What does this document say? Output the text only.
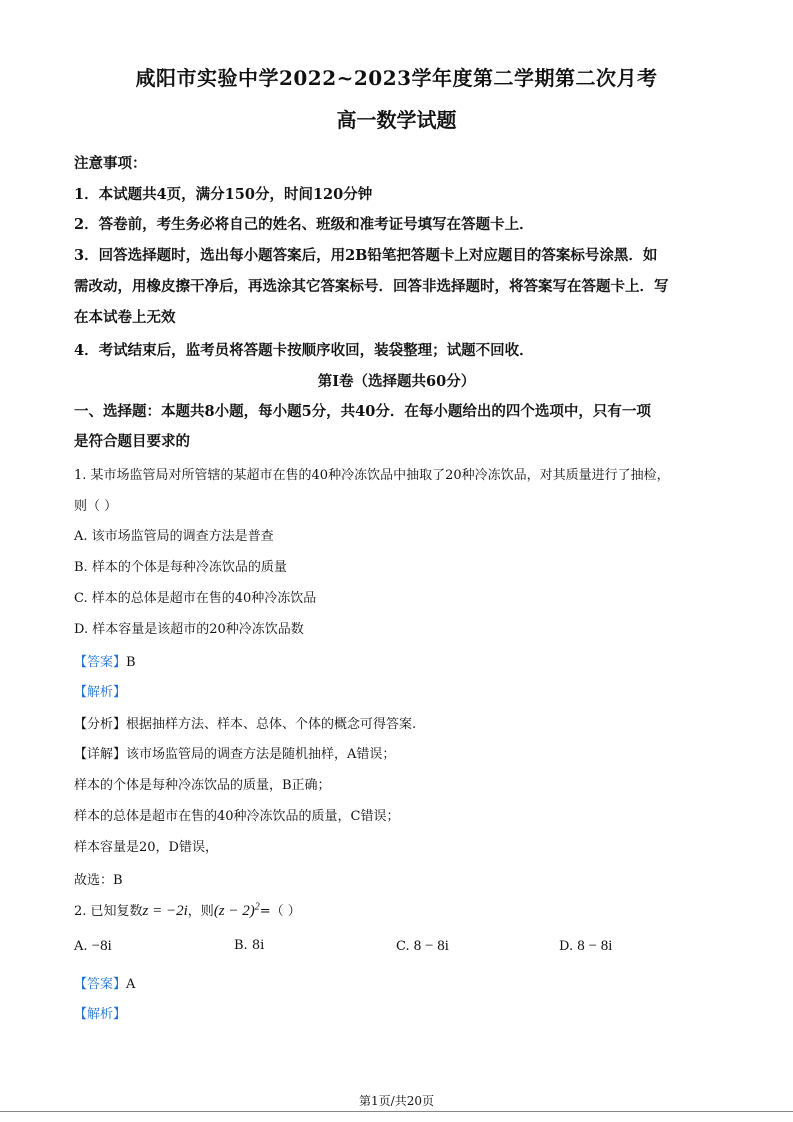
咸阳市实验中学2022~2023学年度第二学期第二次月考
高一数学试题
注意事项：
1．本试题共4页，满分150分，时间120分钟
2．答卷前，考生务必将自己的姓名、班级和准考证号填写在答题卡上．
3．回答选择题时，选出每小题答案后，用2B铅笔把答题卡上对应题目的答案标号涂黑．如
需改动，用橡皮擦干净后，再选涂其它答案标号．回答非选择题时，将答案写在答题卡上．写
在本试卷上无效
4．考试结束后，监考员将答题卡按顺序收回，装袋整理；试题不回收．
第Ⅰ卷（选择题共60分）
一、选择题：本题共8小题，每小题5分，共40分．在每小题给出的四个选项中，只有一项
是符合题目要求的
1. 某市场监管局对所管辖的某超市在售的40种冷冻饮品中抽取了20种冷冻饮品，对其质量进行了抽检，
则（ ）
A. 该市场监管局的调查方法是普查
B. 样本的个体是每种冷冻饮品的质量
C. 样本的总体是超市在售的40种冷冻饮品
D. 样本容量是该超市的20种冷冻饮品数
【答案】B
【解析】
【分析】根据抽样方法、样本、总体、个体的概念可得答案.
【详解】该市场监管局的调查方法是随机抽样，A错误；
样本的个体是每种冷冻饮品的质量，B正确；
样本的总体是超市在售的40种冷冻饮品的质量，C错误；
样本容量是20，D错误，
故选：B
2. 已知复数z = −2i，则$(z - 2)^2=$（ ）
A. −8i	B. 8i	C. 8 − 8i	D. 8 − 8i
【答案】A
【解析】
第1页/共20页
